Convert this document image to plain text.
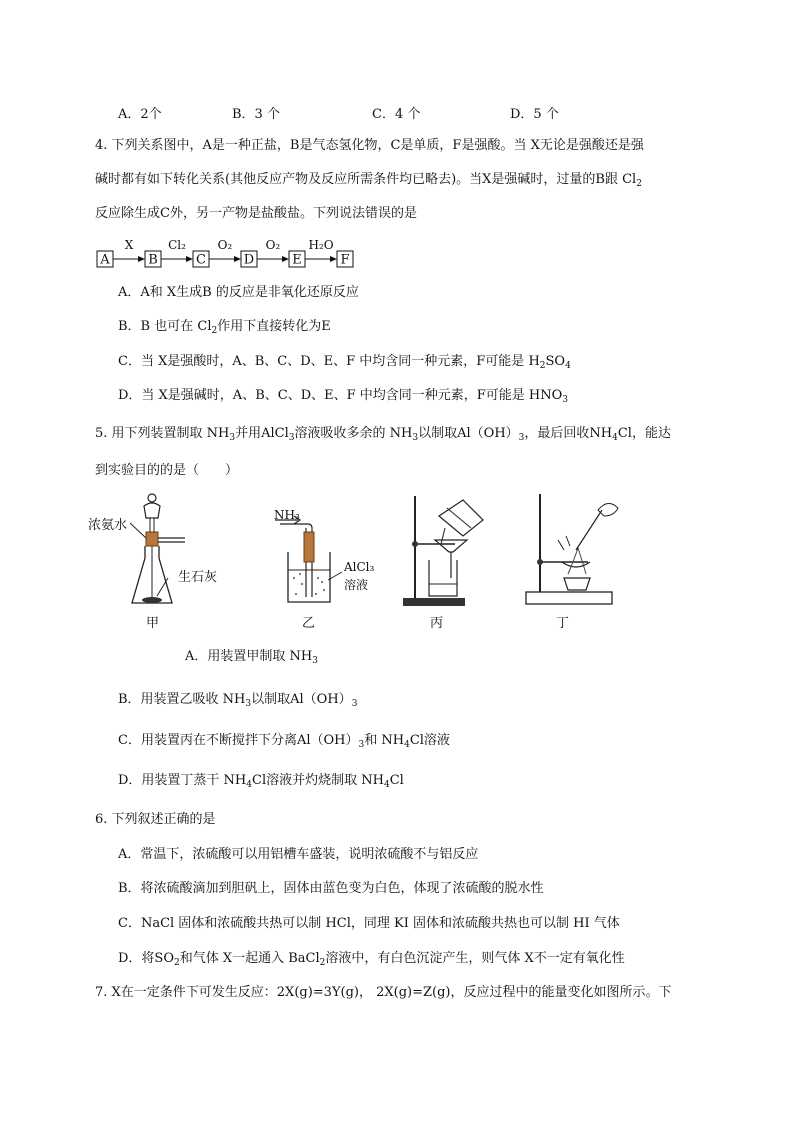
A．2个	B．3 个	C．4 个	D．5 个
4. 下列关系图中，A是一种正盐，B是气态氢化物，C是单质，F是强酸。当 X无论是强酸还是强
碱时都有如下转化关系(其他反应产物及反应所需条件均已略去)。当X是强碱时，过量的B跟 $Cl_2$
反应除生成C外，另一产物是盐酸盐。下列说法错误的是
A
X
B
Cl₂
C
O₂
D
O₂
E
H₂O
F
A．A和 X生成B 的反应是非氧化还原反应
B．B 也可在 $Cl_2$作用下直接转化为E
C．当 X是强酸时，A、B、C、D、E、F 中均含同一种元素，F可能是 $H_2SO_4$
D．当 X是强碱时，A、B、C、D、E、F 中均含同一种元素，F可能是 $HNO_3$
5. 用下列装置制取 $NH_3$并用AlCl$_3$溶液吸收多余的 $NH_3$以制取$Al(OH)_3$，最后回收$NH_4Cl$，能达
到实验目的的是（　　）
浓氨水
生石灰
甲
NH₃
AlCl₃
溶液
乙	丙	丁
A．用装置甲制取 $NH_3$
B．用装置乙吸收 $NH_3$以制取$Al(OH)_3$
C．用装置丙在不断搅拌下分离$Al(OH)_3$和 $NH_4Cl$溶液
D．用装置丁蒸干 $NH_4Cl$溶液并灼烧制取 $NH_4Cl$
6. 下列叙述正确的是
A．常温下，浓硫酸可以用铝槽车盛装，说明浓硫酸不与铝反应
B．将浓硫酸滴加到胆矾上，固体由蓝色变为白色，体现了浓硫酸的脱水性
C．NaCl 固体和浓硫酸共热可以制 HCl，同理 KI 固体和浓硫酸共热也可以制 HI 气体
D．将$SO_2$和气体 X一起通入 BaCl$_2$溶液中，有白色沉淀产生，则气体 X不一定有氧化性
7. X在一定条件下可发生反应：2X(g)=3Y(g)， 2X(g)=Z(g)，反应过程中的能量变化如图所示。下
